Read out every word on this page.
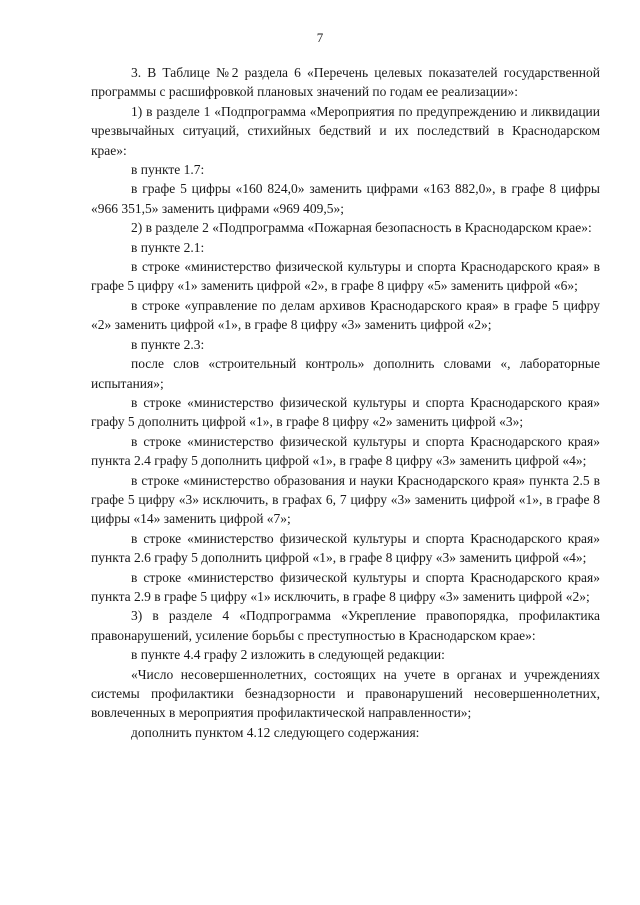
7

3. В Таблице №2 раздела 6 «Перечень целевых показателей государственной программы с расшифровкой плановых значений по годам ее реализации»:

1) в разделе 1 «Подпрограмма «Мероприятия по предупреждению и ликвидации чрезвычайных ситуаций, стихийных бедствий и их последствий в Краснодарском крае»:

в пункте 1.7:

в графе 5 цифры «160 824,0» заменить цифрами «163 882,0», в графе 8 цифры «966 351,5» заменить цифрами «969 409,5»;

2) в разделе 2 «Подпрограмма «Пожарная безопасность в Краснодарском крае»:

в пункте 2.1:

в строке «министерство физической культуры и спорта Краснодарского края» в графе 5 цифру «1» заменить цифрой «2», в графе 8 цифру «5» заменить цифрой «6»;

в строке «управление по делам архивов Краснодарского края» в графе 5 цифру «2» заменить цифрой «1», в графе 8 цифру «3» заменить цифрой «2»;

в пункте 2.3:

после слов «строительный контроль» дополнить словами «, лабораторные испытания»;

в строке «министерство физической культуры и спорта Краснодарского края» графу 5 дополнить цифрой «1», в графе 8 цифру «2» заменить цифрой «3»;

в строке «министерство физической культуры и спорта Краснодарского края» пункта 2.4 графу 5 дополнить цифрой «1», в графе 8 цифру «3» заменить цифрой «4»;

в строке «министерство образования и науки Краснодарского края» пункта 2.5 в графе 5 цифру «3» исключить, в графах 6, 7 цифру «3» заменить цифрой «1», в графе 8 цифры «14» заменить цифрой «7»;

в строке «министерство физической культуры и спорта Краснодарского края» пункта 2.6 графу 5 дополнить цифрой «1», в графе 8 цифру «3» заменить цифрой «4»;

в строке «министерство физической культуры и спорта Краснодарского края» пункта 2.9 в графе 5 цифру «1» исключить, в графе 8 цифру «3» заменить цифрой «2»;

3) в разделе 4 «Подпрограмма «Укрепление правопорядка, профилактика правонарушений, усиление борьбы с преступностью в Краснодарском крае»:

в пункте 4.4 графу 2 изложить в следующей редакции:

«Число несовершеннолетних, состоящих на учете в органах и учреждениях системы профилактики безнадзорности и правонарушений несовершеннолетних, вовлеченных в мероприятия профилактической направленности»;

дополнить пунктом 4.12 следующего содержания:
